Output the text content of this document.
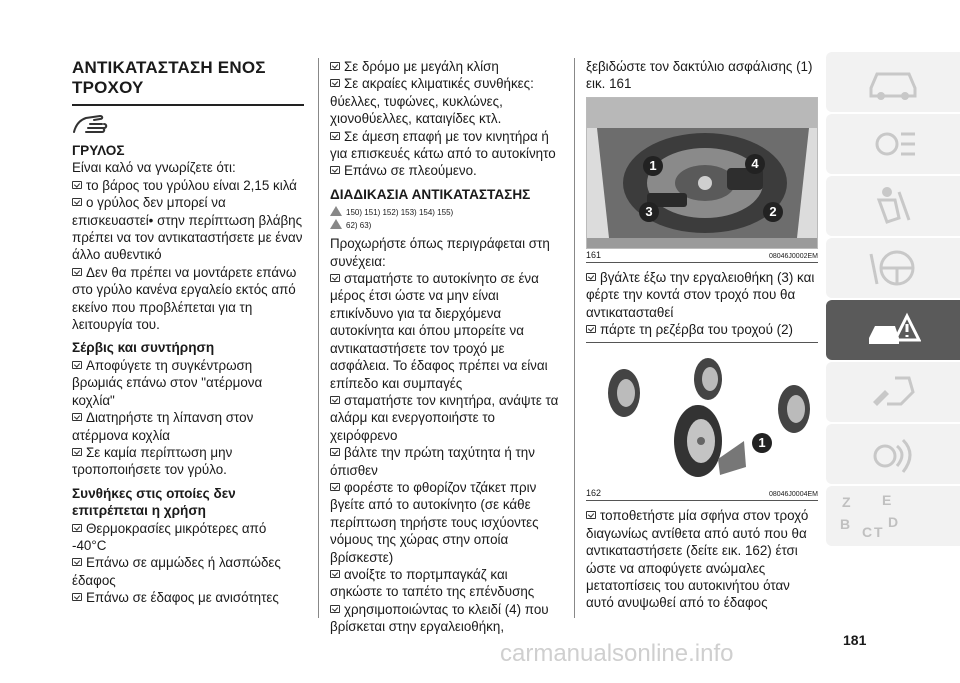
ΑΝΤΙΚΑΤΑΣΤΑΣΗ ΕΝΟΣ
ΤΡΟΧΟΥ
ΓΡΥΛΟΣ

Είναι καλό να γνωρίζετε ότι:

το βάρος του γρύλου είναι 2,15 κιλά

ο γρύλος δεν μπορεί να επισκευαστεί• στην περίπτωση βλάβης πρέπει να τον αντικαταστήσετε με έναν άλλο αυθεντικό

Δεν θα πρέπει να μοντάρετε επάνω στο γρύλο κανένα εργαλείο εκτός από εκείνο που προβλέπεται για τη λειτουργία του.

Σέρβις και συντήρηση

Αποφύγετε τη συγκέντρωση βρωμιάς επάνω στον "ατέρμονα κοχλία"

Διατηρήστε τη λίπανση στον ατέρμονα κοχλία

Σε καμία περίπτωση μην τροποποιήσετε τον γρύλο.

Συνθήκες στις οποίες δεν
επιτρέπεται η χρήση

Θερμοκρασίες μικρότερες από -40°C

Επάνω σε αμμώδες ή λασπώδες έδαφος

Επάνω σε έδαφος με ανισότητες

Σε δρόμο με μεγάλη κλίση

Σε ακραίες κλιματικές συνθήκες: θύελλες, τυφώνες, κυκλώνες, χιονοθύελλες, καταιγίδες κτλ.

Σε άμεση επαφή με τον κινητήρα ή για επισκευές κάτω από το αυτοκίνητο

Επάνω σε πλεούμενο.

ΔΙΑΔΙΚΑΣΙΑ ΑΝΤΙΚΑΤΑΣΤΑΣΗΣ
150) 151) 152) 153) 154) 155)
62) 63)

Προχωρήστε όπως περιγράφεται στη συνέχεια:

σταματήστε το αυτοκίνητο σε ένα μέρος έτσι ώστε να μην είναι επικίνδυνο για τα διερχόμενα αυτοκίνητα και όπου μπορείτε να αντικαταστήσετε τον τροχό με ασφάλεια. Το έδαφος πρέπει να είναι επίπεδο και συμπαγές

σταματήστε τον κινητήρα, ανάψτε τα αλάρμ και ενεργοποιήστε το χειρόφρενο

βάλτε την πρώτη ταχύτητα ή την όπισθεν

φορέστε το φθορίζον τζάκετ πριν βγείτε από το αυτοκίνητο (σε κάθε περίπτωση τηρήστε τους ισχύοντες νόμους της χώρας στην οποία βρίσκεστε)

ανοίξτε το πορτμπαγκάζ και σηκώστε το ταπέτο της επένδυσης

χρησιμοποιώντας το κλειδί (4) που βρίσκεται στην εργαλειοθήκη,

ξεβιδώστε τον δακτύλιο ασφάλισης (1) εικ. 161

1	4
3	2
161	08046J0002EM

βγάλτε έξω την εργαλειοθήκη (3) και φέρτε την κοντά στον τροχό που θα αντικατασταθεί

πάρτε τη ρεζέρβα του τροχού (2)

1
162	08046J0004EM

τοποθετήστε μία σφήνα στον τροχό διαγωνίως αντίθετα από αυτό που θα αντικαταστήσετε (δείτε εικ. 162) έτσι ώστε να αποφύγετε ανώμαλες μετατοπίσεις του αυτοκινήτου όταν αυτό ανυψωθεί από το έδαφος

Z E
B C T
D
181
carmanualsonline.info
